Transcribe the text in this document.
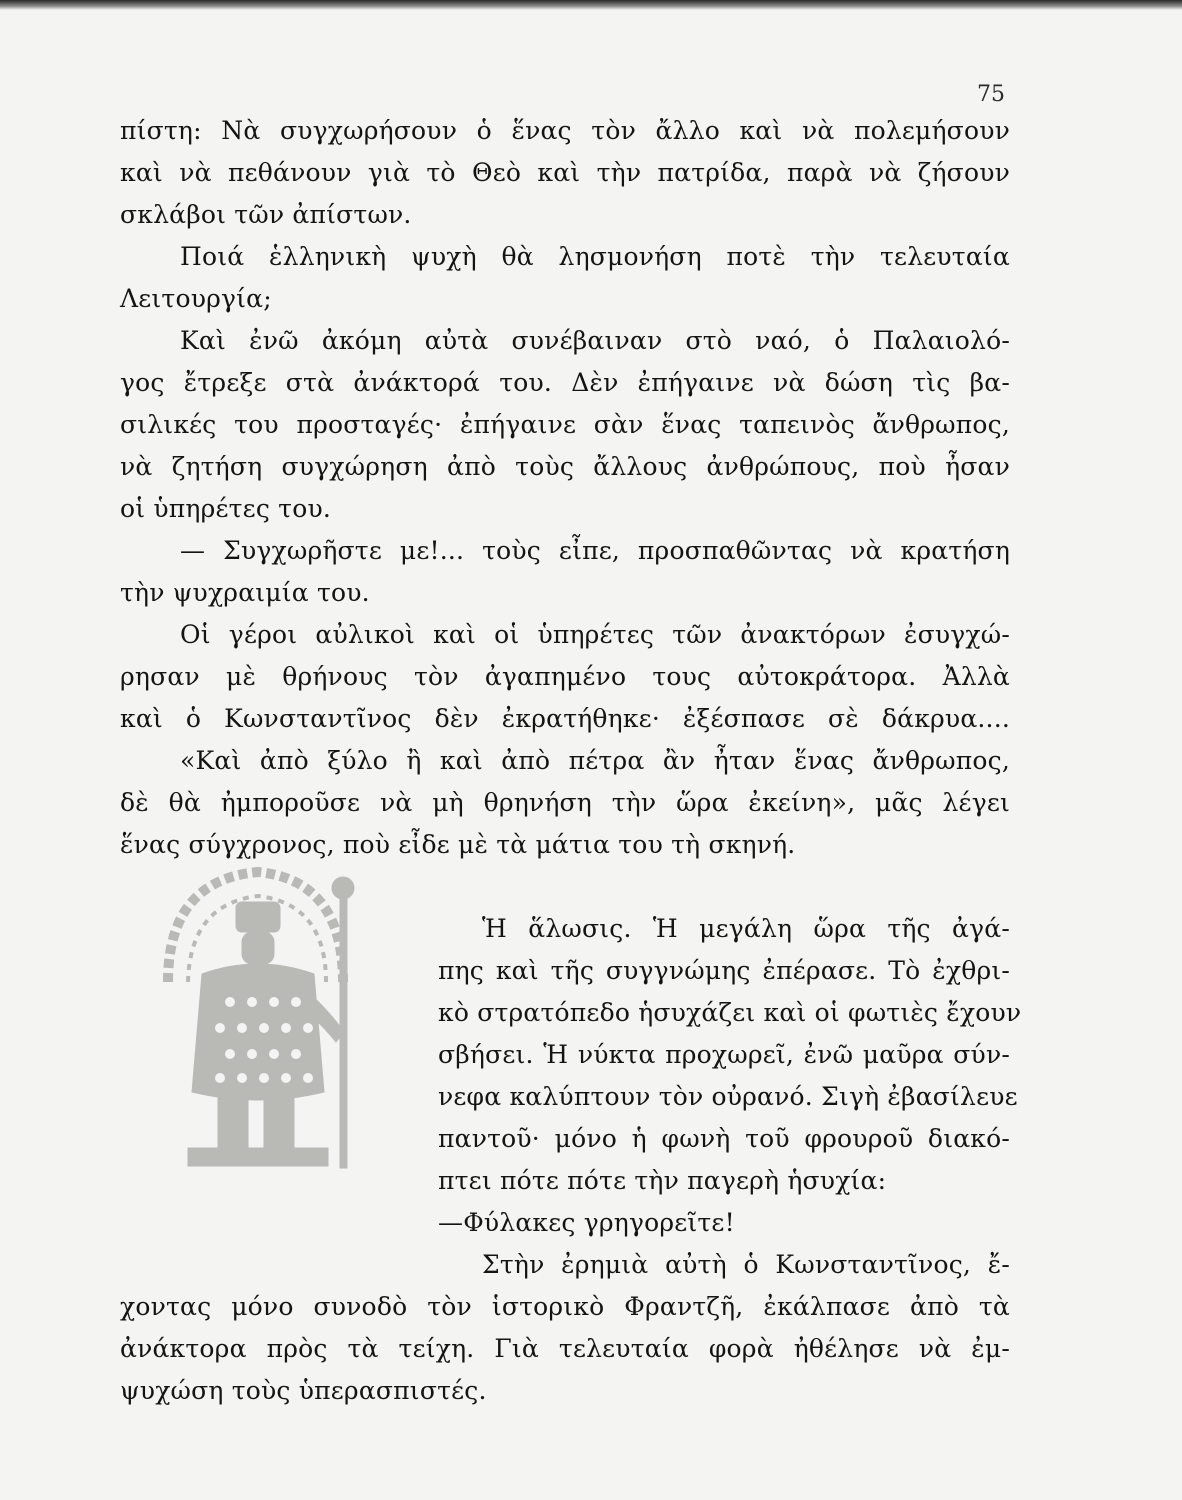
75
πίστη: Νὰ συγχωρήσουν ὁ ἕνας τὸν ἄλλο καὶ νὰ πολεμήσουν
καὶ νὰ πεθάνουν γιὰ τὸ Θεὸ καὶ τὴν πατρίδα, παρὰ νὰ ζήσουν
σκλάβοι τῶν ἀπίστων.
Ποιά ἑλληνικὴ ψυχὴ θὰ λησμονήση ποτὲ τὴν τελευταία
Λειτουργία;
Καὶ ἐνῶ ἀκόμη αὐτὰ συνέβαιναν στὸ ναό, ὁ Παλαιολό-
γος ἔτρεξε στὰ ἀνάκτορά του. Δὲν ἐπήγαινε νὰ δώση τὶς βα-
σιλικές του προσταγές· ἐπήγαινε σὰν ἕνας ταπεινὸς ἄνθρωπος,
νὰ ζητήση συγχώρηση ἀπὸ τοὺς ἄλλους ἀνθρώπους, ποὺ ἦσαν
οἱ ὑπηρέτες του.
— Συγχωρῆστε με!... τοὺς εἶπε, προσπαθῶντας νὰ κρατήση
τὴν ψυχραιμία του.
Οἱ γέροι αὐλικοὶ καὶ οἱ ὑπηρέτες τῶν ἀνακτόρων ἐσυγχώ-
ρησαν μὲ θρήνους τὸν ἀγαπημένο τους αὐτοκράτορα. Ἀλλὰ
καὶ ὁ Κωνσταντῖνος δὲν ἐκρατήθηκε· ἐξέσπασε σὲ δάκρυα....
«Καὶ ἀπὸ ξύλο ἢ καὶ ἀπὸ πέτρα ἂν ἦταν ἕνας ἄνθρωπος,
δὲ θὰ ἠμποροῦσε νὰ μὴ θρηνήση τὴν ὥρα ἐκείνη», μᾶς λέγει
ἕνας σύγχρονος, ποὺ εἶδε μὲ τὰ μάτια του τὴ σκηνή.
Ἡ ἅλωσις. Ἡ μεγάλη ὥρα τῆς ἀγά-
πης καὶ τῆς συγγνώμης ἐπέρασε. Τὸ ἐχθρι-
κὸ στρατόπεδο ἡσυχάζει καὶ οἱ φωτιὲς ἔχουν
σβήσει. Ἡ νύκτα προχωρεῖ, ἐνῶ μαῦρα σύν-
νεφα καλύπτουν τὸν οὐρανό. Σιγὴ ἐβασίλευε
παντοῦ· μόνο ἡ φωνὴ τοῦ φρουροῦ διακό-
πτει πότε πότε τὴν παγερὴ ἡσυχία:
—Φύλακες γρηγορεῖτε!
Στὴν ἐρημιὰ αὐτὴ ὁ Κωνσταντῖνος, ἔ-
χοντας μόνο συνοδὸ τὸν ἱστορικὸ Φραντζῆ, ἐκάλπασε ἀπὸ τὰ
ἀνάκτορα πρὸς τὰ τείχη. Γιὰ τελευταία φορὰ ἠθέλησε νὰ ἐμ-
ψυχώση τοὺς ὑπερασπιστές.
